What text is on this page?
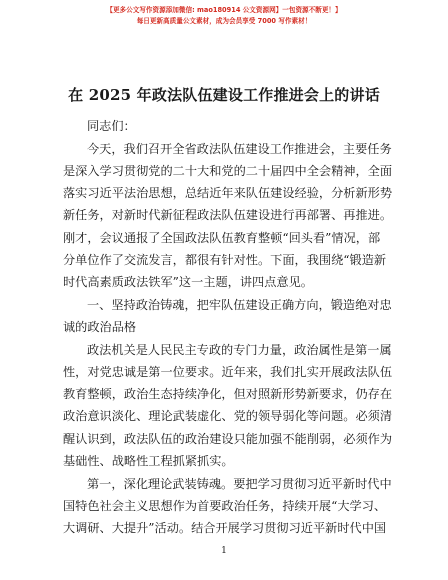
【更多公文写作资源添加微信: mao180914 公文资源网】一包资源不断更！】
每日更新高质量公文素材，成为会员享受 7000 写作素材！
在 2025 年政法队伍建设工作推进会上的讲话
同志们：
今天，我们召开全省政法队伍建设工作推进会，主要任务
是深入学习贯彻党的二十大和党的二十届四中全会精神，全面
落实习近平法治思想，总结近年来队伍建设经验，分析新形势
新任务，对新时代新征程政法队伍建设进行再部署、再推进。
刚才，会议通报了全国政法队伍教育整顿“回头看”情况，部
分单位作了交流发言，都很有针对性。下面，我围绕“锻造新
时代高素质政法铁军”这一主题，讲四点意见。
一、坚持政治铸魂，把牢队伍建设正确方向，锻造绝对忠
诚的政治品格
政法机关是人民民主专政的专门力量，政治属性是第一属
性，对党忠诚是第一位要求。近年来，我们扎实开展政法队伍
教育整顿，政治生态持续净化，但对照新形势新要求，仍存在
政治意识淡化、理论武装虚化、党的领导弱化等问题。必须清
醒认识到，政法队伍的政治建设只能加强不能削弱，必须作为
基础性、战略性工程抓紧抓实。
第一，深化理论武装铸魂。要把学习贯彻习近平新时代中
国特色社会主义思想作为首要政治任务，持续开展“大学习、
大调研、大提升”活动。结合开展学习贯彻习近平新时代中国
1
